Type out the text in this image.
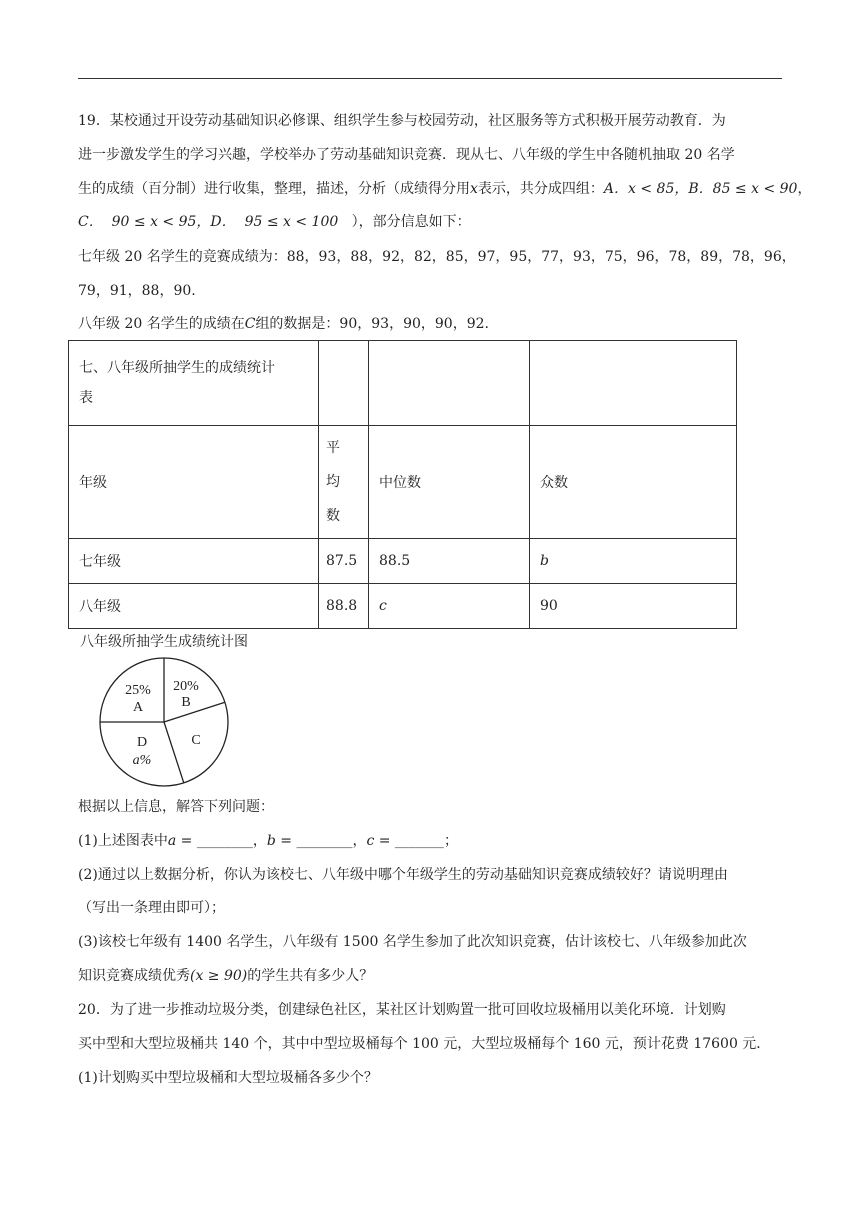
19．某校通过开设劳动基础知识必修课、组织学生参与校园劳动，社区服务等方式积极开展劳动教育．为
进一步激发学生的学习兴趣，学校举办了劳动基础知识竞赛．现从七、八年级的学生中各随机抽取 20 名学
生的成绩（百分制）进行收集，整理，描述，分析（成绩得分用x表示，共分成四组：A．x < 85，B．85 ≤ x < 90，
C． 90 ≤ x < 95，D． 95 ≤ x < 100 ），部分信息如下：
七年级 20 名学生的竞赛成绩为：88，93，88，92，82，85，97，95，77，93，75，96，78，89，78，96，
79，91，88，90.
八年级 20 名学生的成绩在C组的数据是：90，93，90，90，92.
七、八年级所抽学生的成绩统计
表			
年级	平
均
数	中位数	众数
七年级	87.5	88.5	b
八年级	88.8	c	90
八年级所抽学生成绩统计图
25%
A
20%
B
C
D
a%
根据以上信息，解答下列问题：
(1)上述图表中a = ________，b = ________，c = _______；
(2)通过以上数据分析，你认为该校七、八年级中哪个年级学生的劳动基础知识竞赛成绩较好？请说明理由
（写出一条理由即可）；
(3)该校七年级有 1400 名学生，八年级有 1500 名学生参加了此次知识竞赛，估计该校七、八年级参加此次
知识竞赛成绩优秀(x ≥ 90)的学生共有多少人？
20．为了进一步推动垃圾分类，创建绿色社区，某社区计划购置一批可回收垃圾桶用以美化环境．计划购
买中型和大型垃圾桶共 140 个，其中中型垃圾桶每个 100 元，大型垃圾桶每个 160 元，预计花费 17600 元．
(1)计划购买中型垃圾桶和大型垃圾桶各多少个？
